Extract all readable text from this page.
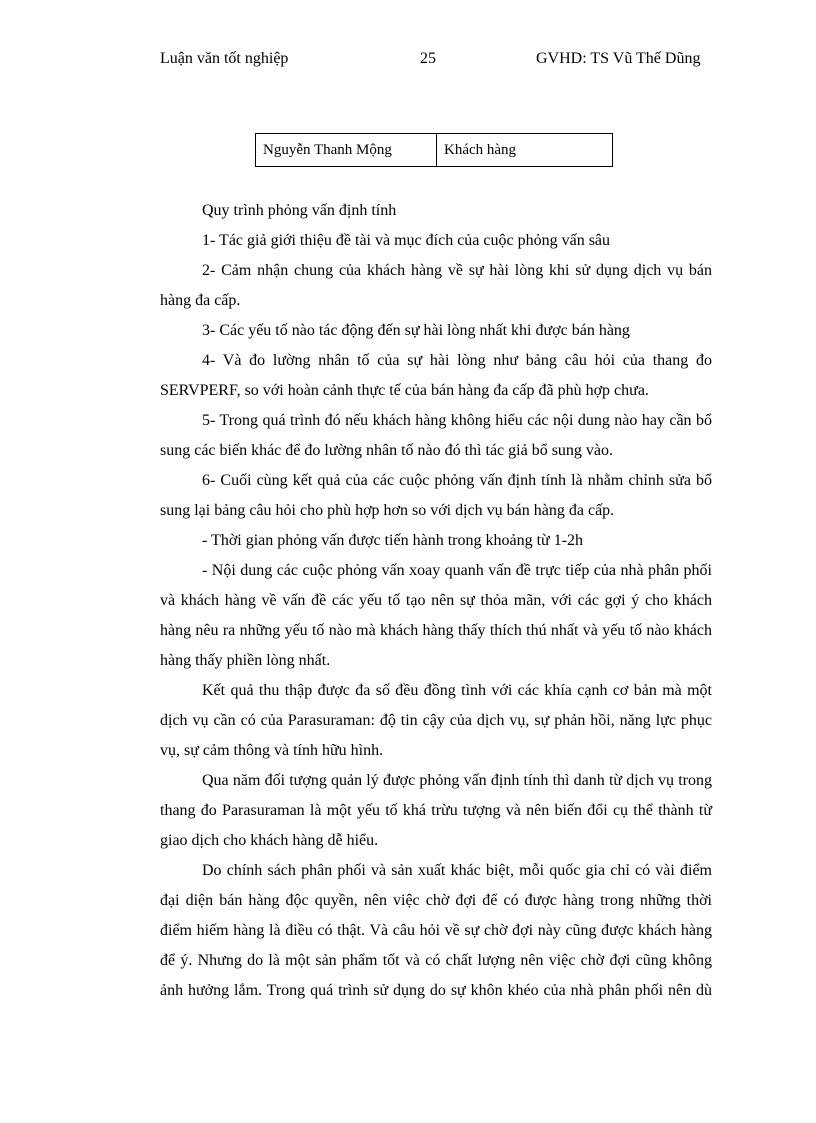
Luận văn tốt nghiệp	25	GVHD: TS Vũ Thế Dũng
Nguyễn Thanh Mộng	Khách hàng

Quy trình phỏng vấn định tính

1- Tác giả giới thiệu đề tài và mục đích của cuộc phỏng vấn sâu

2- Cảm nhận chung của khách hàng về sự hài lòng khi sử dụng dịch vụ bán hàng đa cấp.

3- Các yếu tố nào tác động đến sự hài lòng nhất khi được bán hàng

4- Và đo lường nhân tố của sự hài lòng như bảng câu hỏi của thang đo SERVPERF, so với hoàn cảnh thực tế của bán hàng đa cấp đã phù hợp chưa.

5- Trong quá trình đó nếu khách hàng không hiểu các nội dung nào hay cần bổ sung các biến khác để đo lường nhân tố nào đó thì tác giả bổ sung vào.

6- Cuối cùng kết quả của các cuộc phỏng vấn định tính là nhằm chỉnh sửa bổ sung lại bảng câu hỏi cho phù hợp hơn so với dịch vụ bán hàng đa cấp.

- Thời gian phỏng vấn được tiến hành trong khoảng từ 1-2h

- Nội dung các cuộc phỏng vấn xoay quanh vấn đề trực tiếp của nhà phân phối và khách hàng về vấn đề các yếu tố tạo nên sự thỏa mãn, với các gợi ý cho khách hàng nêu ra những yếu tố nào mà khách hàng thấy thích thú nhất và yếu tố nào khách hàng thấy phiền lòng nhất.

Kết quả thu thập được đa số đều đồng tình với các khía cạnh cơ bản mà một dịch vụ cần có của Parasuraman: độ tin cậy của dịch vụ, sự phản hồi, năng lực phục vụ, sự cảm thông và tính hữu hình.

Qua năm đối tượng quản lý được phỏng vấn định tính thì danh từ dịch vụ trong thang đo Parasuraman là một yếu tố khá trừu tượng và nên biến đổi cụ thể thành từ giao dịch cho khách hàng dễ hiểu.

Do chính sách phân phối và sản xuất khác biệt, mỗi quốc gia chỉ có vài điểm đại diện bán hàng độc quyền, nên việc chờ đợi để có được hàng trong những thời điểm hiếm hàng là điều có thật. Và câu hỏi về sự chờ đợi này cũng được khách hàng để ý. Nhưng do là một sản phẩm tốt và có chất lượng nên việc chờ đợi cũng không ảnh hưởng lắm. Trong quá trình sử dụng do sự khôn khéo của nhà phân phối nên dù
